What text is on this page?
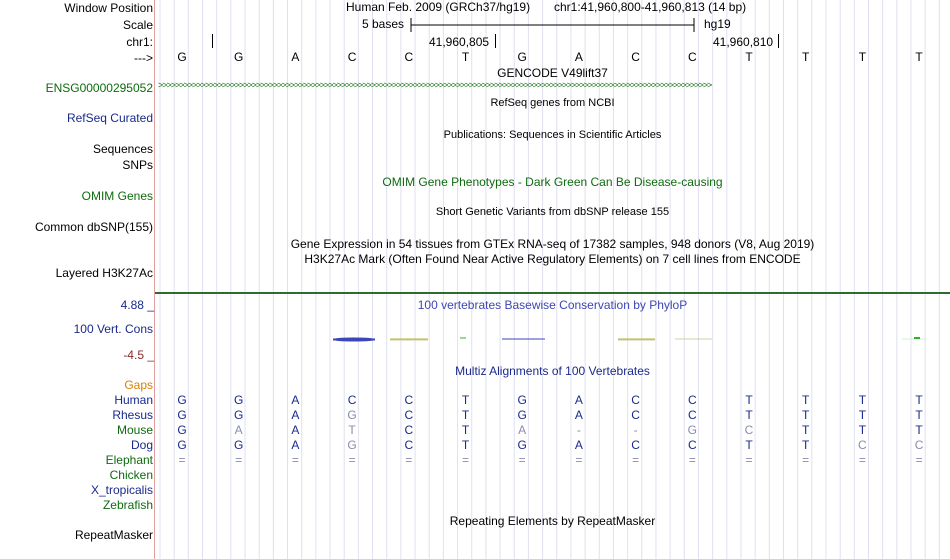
Window Position
Scale
chr1:
--->
Human Feb. 2009 (GRCh37/hg19) chr1:41,960,800-41,960,813 (14 bp)
5 bases	hg19
41,960,805	41,960,810
G	G	A	C	C	T	G	A	C	C	T	T	T	T
GENCODE V49lift37
ENSG00000295052 >>>>>>>>>>>>>>>>>>>>>>>>>>>>>>>>>>>>>>>>>>>>>>>>>>>>>>>>>>>>>>>>>>>>>>>>>>>>>>>>>>>>>>>>>>>>>>>>>>>>>>>>>>>>>>>>>>>>>>>>>>>>>>>>>>
RefSeq genes from NCBI
RefSeq Curated
Publications: Sequences in Scientific Articles
Sequences
SNPs
OMIM Gene Phenotypes - Dark Green Can Be Disease-causing
OMIM Genes
Short Genetic Variants from dbSNP release 155
Common dbSNP(155)
Gene Expression in 54 tissues from GTEx RNA-seq of 17382 samples, 948 donors (V8, Aug 2019)
H3K27Ac Mark (Often Found Near Active Regulatory Elements) on 7 cell lines from ENCODE
Layered H3K27Ac
4.88 _	100 vertebrates Basewise Conservation by PhyloP
100 Vert. Cons
-4.5 _
Multiz Alignments of 100 Vertebrates
Gaps
Human	G	G	A	C	C	T	G	A	C	C	T	T	T	T
Rhesus	G	G	A	G	C	T	G	A	C	C	T	T	T	T
Mouse	G	A	A	T	C	T	A	-	-	G	C	T	T	T
Dog	G	G	A	G	C	T	G	A	C	C	T	T	C	C
Elephant	=	=	=	=	=	=	=	=	=	=	=	=	=	=
Chicken
X_tropicalis
Zebrafish
Repeating Elements by RepeatMasker
RepeatMasker
